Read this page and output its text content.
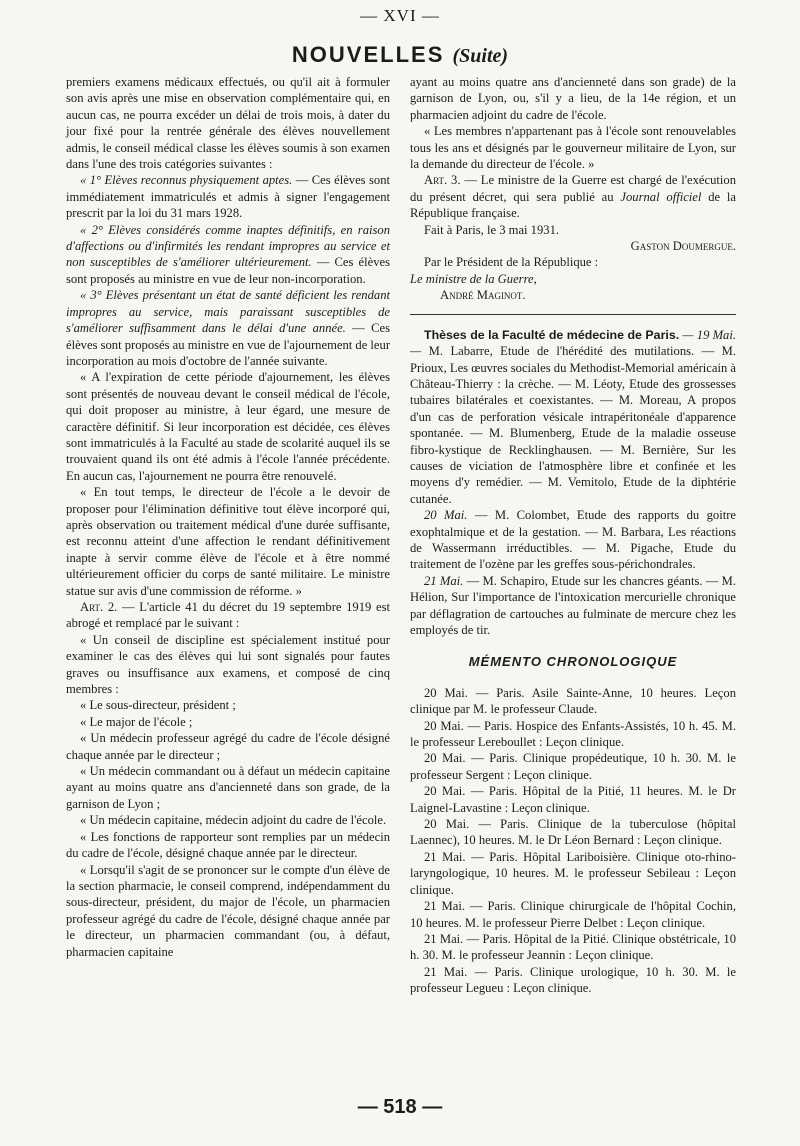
— XVI —
NOUVELLES (Suite)

premiers examens médicaux effectués, ou qu'il ait à formuler son avis après une mise en observation complémentaire qui, en aucun cas, ne pourra excéder un délai de trois mois, à dater du jour fixé pour la rentrée générale des élèves nouvellement admis, le conseil médical classe les élèves soumis à son examen dans l'une des trois catégories suivantes :

« 1° Elèves reconnus physiquement aptes. — Ces élèves sont immédiatement immatriculés et admis à signer l'engagement prescrit par la loi du 31 mars 1928.

« 2° Elèves considérés comme inaptes définitifs, en raison d'affections ou d'infirmités les rendant impropres au service et non susceptibles de s'améliorer ultérieurement. — Ces élèves sont proposés au ministre en vue de leur non-incorporation.

« 3° Elèves présentant un état de santé déficient les rendant impropres au service, mais paraissant susceptibles de s'améliorer suffisamment dans le délai d'une année. — Ces élèves sont proposés au ministre en vue de l'ajournement de leur incorporation au mois d'octobre de l'année suivante.

« A l'expiration de cette période d'ajournement, les élèves sont présentés de nouveau devant le conseil médical de l'école, qui doit proposer au ministre, à leur égard, une mesure de caractère définitif. Si leur incorporation est décidée, ces élèves sont immatriculés à la Faculté au stade de scolarité auquel ils se trouvaient quand ils ont été admis à l'école l'année précédente. En aucun cas, l'ajournement ne pourra être renouvelé.

« En tout temps, le directeur de l'école a le devoir de proposer pour l'élimination définitive tout élève incorporé qui, après observation ou traitement médical d'une durée suffisante, est reconnu atteint d'une affection le rendant définitivement inapte à servir comme élève de l'école et à être nommé ultérieurement officier du corps de santé militaire. Le ministre statue sur avis d'une commission de réforme. »

Art. 2. — L'article 41 du décret du 19 septembre 1919 est abrogé et remplacé par le suivant :

« Un conseil de discipline est spécialement institué pour examiner le cas des élèves qui lui sont signalés pour fautes graves ou insuffisance aux examens, et composé de cinq membres :

« Le sous-directeur, président ;

« Le major de l'école ;

« Un médecin professeur agrégé du cadre de l'école désigné chaque année par le directeur ;

« Un médecin commandant ou à défaut un médecin capitaine ayant au moins quatre ans d'ancienneté dans son grade, de la garnison de Lyon ;

« Un médecin capitaine, médecin adjoint du cadre de l'école.

« Les fonctions de rapporteur sont remplies par un médecin du cadre de l'école, désigné chaque année par le directeur.

« Lorsqu'il s'agit de se prononcer sur le compte d'un élève de la section pharmacie, le conseil comprend, indépendamment du sous-directeur, président, du major de l'école, un pharmacien professeur agrégé du cadre de l'école, désigné chaque année par le directeur, un pharmacien commandant (ou, à défaut, pharmacien capitaine

ayant au moins quatre ans d'ancienneté dans son grade) de la garnison de Lyon, ou, s'il y a lieu, de la 14e région, et un pharmacien adjoint du cadre de l'école.

« Les membres n'appartenant pas à l'école sont renouvelables tous les ans et désignés par le gouverneur militaire de Lyon, sur la demande du directeur de l'école. »

Art. 3. — Le ministre de la Guerre est chargé de l'exécution du présent décret, qui sera publié au Journal officiel de la République française.

Fait à Paris, le 3 mai 1931.

Gaston Doumergue.

Par le Président de la République :

Le ministre de la Guerre,

André Maginot.

Thèses de la Faculté de médecine de Paris. — 19 Mai. — M. Labarre, Etude de l'hérédité des mutilations. — M. Prioux, Les œuvres sociales du Methodist-Memorial américain à Château-Thierry : la crèche. — M. Léoty, Etude des grossesses tubaires bilatérales et coexistantes. — M. Moreau, A propos d'un cas de perforation vésicale intrapéritonéale d'apparence spontanée. — M. Blumenberg, Etude de la maladie osseuse fibro-kystique de Recklinghausen. — M. Bernière, Sur les causes de viciation de l'atmosphère libre et confinée et les moyens d'y remédier. — M. Vemitolo, Etude de la diphtérie cutanée.

20 Mai. — M. Colombet, Etude des rapports du goitre exophtalmique et de la gestation. — M. Barbara, Les réactions de Wassermann irréductibles. — M. Pigache, Etude du traitement de l'ozène par les greffes sous-périchondrales.

21 Mai. — M. Schapiro, Etude sur les chancres géants. — M. Hélion, Sur l'importance de l'intoxication mercurielle chronique par déflagration de cartouches au fulminate de mercure chez les employés de tir.

MÉMENTO CHRONOLOGIQUE

20 Mai. — Paris. Asile Sainte-Anne, 10 heures. Leçon clinique par M. le professeur Claude.

20 Mai. — Paris. Hospice des Enfants-Assistés, 10 h. 45. M. le professeur Lereboullet : Leçon clinique.

20 Mai. — Paris. Clinique propédeutique, 10 h. 30. M. le professeur Sergent : Leçon clinique.

20 Mai. — Paris. Hôpital de la Pitié, 11 heures. M. le Dr Laignel-Lavastine : Leçon clinique.

20 Mai. — Paris. Clinique de la tuberculose (hôpital Laennec), 10 heures. M. le Dr Léon Bernard : Leçon clinique.

21 Mai. — Paris. Hôpital Lariboisière. Clinique oto-rhino-laryngologique, 10 heures. M. le professeur Sebileau : Leçon clinique.

21 Mai. — Paris. Clinique chirurgicale de l'hôpital Cochin, 10 heures. M. le professeur Pierre Delbet : Leçon clinique.

21 Mai. — Paris. Hôpital de la Pitié. Clinique obstétricale, 10 h. 30. M. le professeur Jeannin : Leçon clinique.

21 Mai. — Paris. Clinique urologique, 10 h. 30. M. le professeur Legueu : Leçon clinique.

— 518 —
